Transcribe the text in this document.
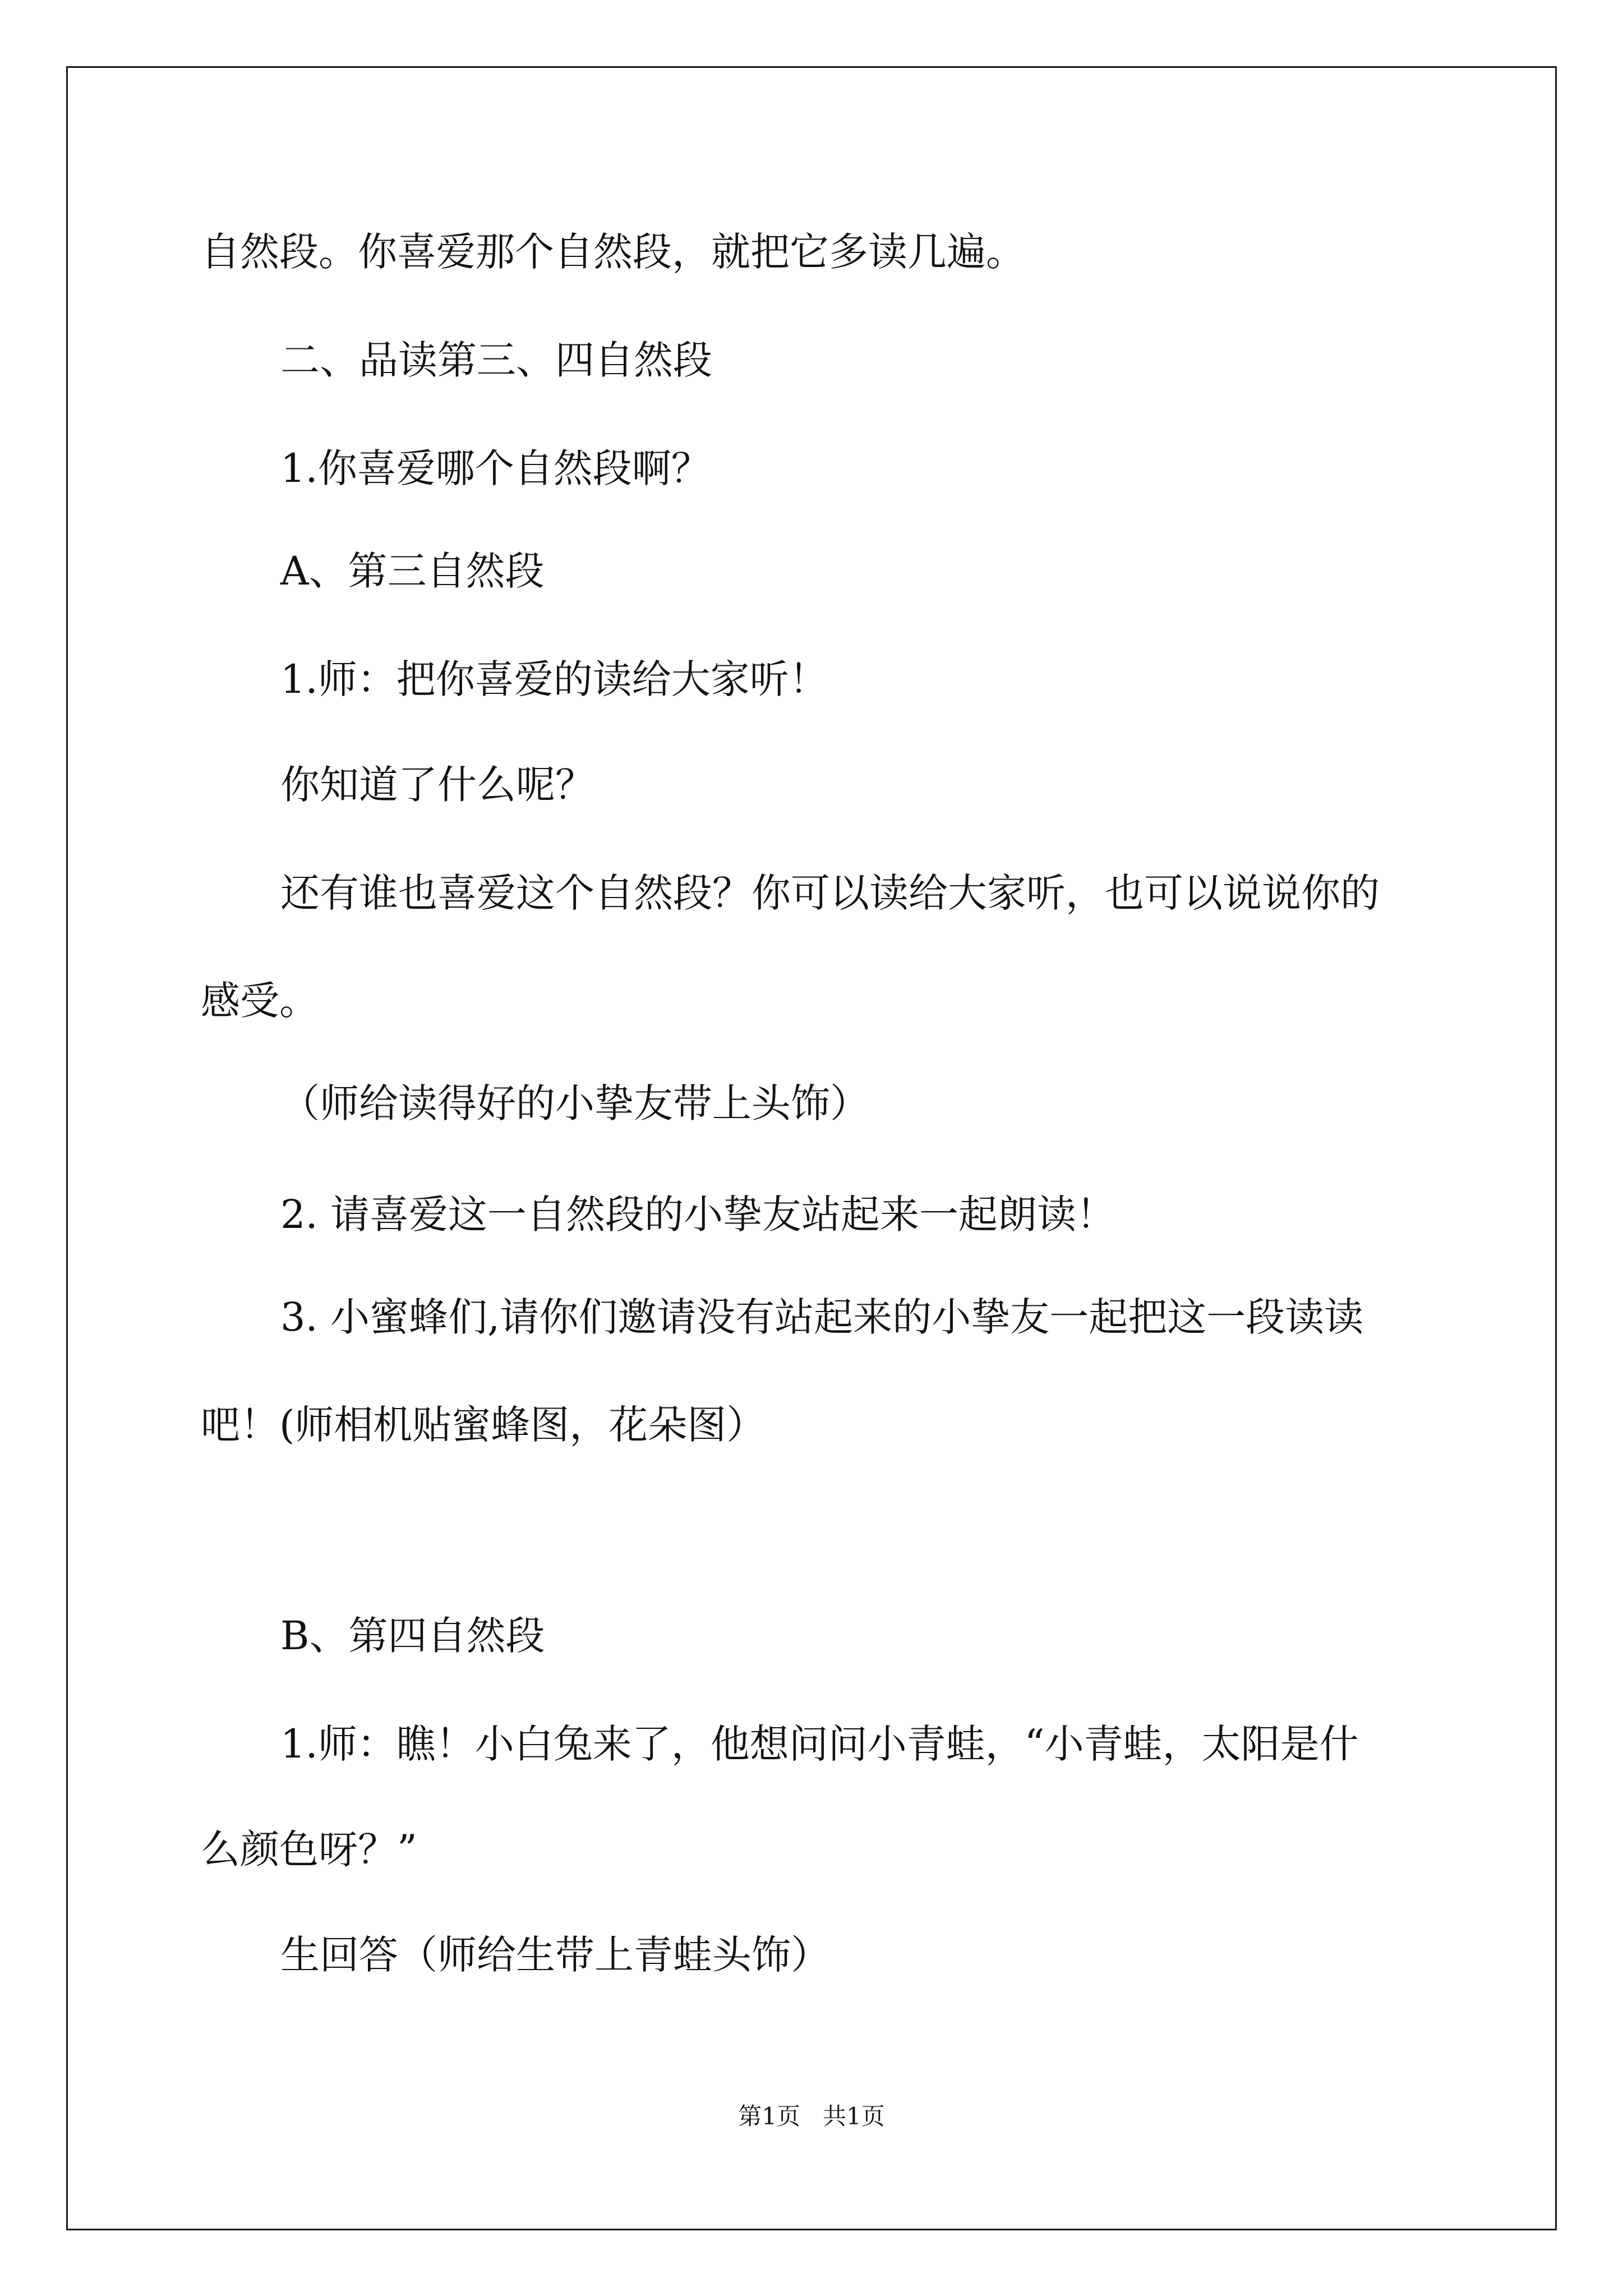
自然段。你喜爱那个自然段，就把它多读几遍。

二、品读第三、四自然段

1.你喜爱哪个自然段啊？

A、第三自然段

1.师：把你喜爱的读给大家听！

你知道了什么呢？

还有谁也喜爱这个自然段？你可以读给大家听，也可以说说你的

感受。

（师给读得好的小挚友带上头饰）

2. 请喜爱这一自然段的小挚友站起来一起朗读！

3. 小蜜蜂们,请你们邀请没有站起来的小挚友一起把这一段读读

吧！(师相机贴蜜蜂图，花朵图）

B、第四自然段

1.师：瞧！小白兔来了，他想问问小青蛙，“小青蛙，太阳是什

么颜色呀？”

生回答（师给生带上青蛙头饰）

第1页   共1页
